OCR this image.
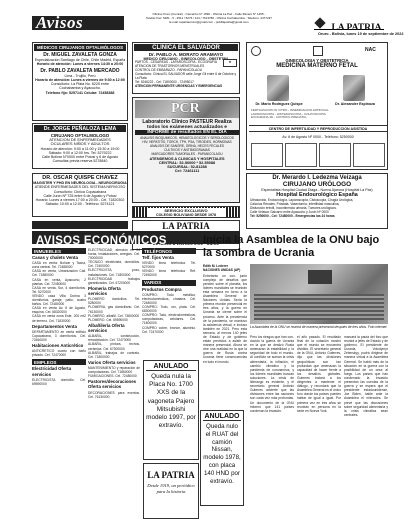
Avisos	Oficina Oruro (Central) - Camacho N° 1892 - Oficina La Paz - Calle Illimani N° 1455 -
Telefax Fax: 5281 - 5 - 2511 / 5276 / 124 / 7613780 - Oficina Cochabamba - Telefono: 4477237
E-mail: lapatriaoruro@gmail.com - publilapatria@gmail.com
LA PATRIA
Oruro - Bolivia, lunes 19 de septiembre de 2022
MÉDICOS CIRUJANOS OFTALMÓLOGOS
Dr. MIGUEL ZAVALETA GONZA
Especialización Santiago de Chile, Chile Madrid, España
Horario de atención: Lunes a viernes 14:30 a 20:00
Dr. PABLO ZAVALETA MERCADO
Lima - Trujillo, Perú
Horario de atención: Lunes a viernes de 9:30 a 12:00
Consultorio: La Plata No. 6225 entre
Cochabamba y Ayacucho.
Telefono fijo: 5257141 Celular: 72458388
Dr. JORGE PEÑALOZA LEMA
CIRUJANO OFTALMOLOGO
ATENCION DE ENFERMEDADES
OCULARES NIÑOS Y ADULTOS
Horario de atención: 9:00 a 11:00 y 15:30 a 19:00
Sábado: 9:00 a 12:00 hrs. Tel: 5279222
Calle Bolivar N°0000 entre Potosí y 6 de Agosto
Consultas previa reserva 5278840
DR. OSCAR QUISPE CHAVEZ
MAGISTER Y PHD EN NEUROLOGIA - NEUROCIRUGIA
ATIENDE ENFERMEDADES DEL SISTEMA NERVIOSO
Consultorio: Clínica Copacabana
Calle Junín Nº 725 entre 6 de Agosto y Potosí
Horario: Lunes a viernes 17:00 a 20:00 - Cel. 71820302
Sábado: 10:00 a 12:00 - Teléfono: 5274121
CLINICA EL SALVADOR
Dr. PABLO A. MORATO ARAMAYO
MEDICO CIRUJANO - GINECOLOGO - OBSTETRA
✚
PARTOS - CESAREAS - LAPAROSCOPIA - ECOGRAFIA
ATENCION DE TRASTORNOS MENSTRUALES
CONTROL DE EMBARAZO - PAPANICOLAOU
Consultorio: Clínica EL SALVADOR calle Jorge Gil entre 6 de Octubre y La Plata
Tel: 5246222 - Cel: 71800000 - 72495017
ATENCION PERMANENTE URGENCIAS Y EMERGENCIAS
PCR
Laboratorio Clínico PASTEUR Realiza
todos los exámenes actualizados e
INFORME de resultados EN EL DIA
ANALISIS BIOQUIMICOS, HEMATOLOGICOS Y SEROLOGICOS
HIV, HEPATITIS, TORCH, TPH, PSA, TIROIDES, HORMONAS
ANALISIS DE SANGRE, ORINA, HECES FECALES
CULTIVOS Y ANTIBIOGRAMAS
MARCADORES TUMORALES - PAPANICOLAOU
ATENDEMOS A CLINICAS Y HOSPITALES
CENTRAL: 52-56000 * 52-55088
SUCURSAL: 52-81288
Cel: 72461111
SERVICIO EXCLUSIVO
COLEGIO BOLIVIANO DESDE 1978
LA PATRIA
NAC
GINECOLOGIA Y OBSTETRICIA
MEDICINA MATERNO FETAL
Dr. Mario Rodríguez Quispe	Dr. Alexander Espinoza
FERTILIZACION IN VITRO - INSEMINACION ARTIFICIAL
LAPAROSCOPIA - HISTEROSCOPIA - COLPOSCOPIA
ECOGRAFIA 4D - CONTROL PRENATAL
CENTRO DE INFERTILIDAD Y REPRODUCCION ASISTIDA
Av. 6 de Agosto Nº 0000 - Teléfono: 5250000
Dr. Merardo I. Ledezma Veizaga
CIRUJANO URÓLOGO
Especialista Hospital Ciudad Diaga - Nueva Ajarona (Hospital La Paz)
Hospital Endourológico España
Ultrasonido, Endourología, Laparoscopia, Cistoscopia, Cirugía Urológica,
Cálculos Renales, Próstata, Vasectomía, Infertilidad masculina,
Disfunción eréctil, Incontinencia urinaria, Tumores urológicos.
Calle Velasco Galvarro entre Ayacucho y Junín Nº 0000
Tel: 5250000 - Cel: 72480000 - Emergencias las 24 horas
AVISOS ECONÓMICOS
INMUEBLES
Casas y chalets Venta
CASA en venta: Bolívar y Tacna, zona central. Tel. 72488000
CASA en venta, Urbanización Cali. Cel. 71880000
CASA en venta, Ayacucho, 2 plantas. Cel. 72450000
CASA en venta, Sur, 4 dormitorios. Tel. 5270000
VENDO casa Villa Dorina 3 dormitorios, garaje, patio, cuatro baños. Cel. 72480000
CASA en venta Av. 6 de Agosto, esquina. Cel. 68320000
CASA en venta zona Este, 200 mt2 de terreno. Cel. 71830000
Departamentos Venta
DEPARTAMENTO en venta edificio Copacabana, 3 dormitorios. Cel. 72460000
Habitaciones Anticrético
ANTICRETICO cuarto con baño privado. Cel. 72470000
EMPLEOS
Electricidad Oferta servicios
ELECTRICISTA domicilio. Cel. 69590000
ELECTRICIDAD, atención en 24 horas, instalaciones, arreglos. Cel. 70000000
TECNICO electricista, domicilios. Cel. 72400000
ELECTRICISTA, pozo, instalaciones. Cel. 71800000
ELECTRICIDAD trabajos garantizados. Cel. 67200000
Plomería Oferta servicios
PLOMERO domicilios. Tel. 5280000
PLOMERIA, gas domiciliario. Cel. 76130000
PLOMERO, albañil. Cel. 73800000
PLOMERO. Cel. 69590000
Albañilería Oferta servicios
ALBAÑIL, construcción, remodelación. Cel. 72470000
ALBAÑIL, pintura, techos, cerámica. Cel. 67300000
ALBAÑIL, trabajos de contrato. Cel. 71800000
Varios Oferta servicios
MANTENIMIENTO y reparación de computadoras. Cel. 71860000
FUMIGACIONES. Cel. 72480000
Pastores/decoraciones Oferta servicios
DECORACIONES para eventos. Cel. 76130000
TELÉFONOS
Telf. fijos Venta
VENDO línea telefónica. Tel. 5270000
VENDO línea telefónica Ref. 72450000
VARIOS
Productos Compra
COMPRO: Todo metálico, electrodomésticos, chatarra. Cel. 72480000
COMPRO: Todo, oro, plata. Cel. 68300000
COMPRO: Todo, electrodomésticos, computadoras, celulares. Cel. 71800000
COMPRO cobre, bronce, aluminio. Cel. 72470000
ANULADO
Queda nula la Placa No. 1700 XXS de la vagoneta Pajero Mitsubishi modelo 1997, por extravío.
ANULADO
Queda nulo el RUAT del camión Nissan, modelo 1978, con placa 140 HND por extravío.
LA PATRIA
Desde 1919, un periódico para la historia
Inicia la Asamblea de la ONU bajo la sombra de Ucrania
Edith M. Lederer
NACIONES UNIDAS (AP)
Entretanto un con- junto complejo de desafíos que penden sobre el planeta, los líderes mundiales se reunirán esta semana en torno a la Asamblea General de Naciones Unidas. Sería la primera reunión presencial en tres años, y la guerra en Ucrania se cierne sobre el proceso. Ante la prevalencia de la pandemia, se mantuvo la asistencia virtual, e incluso también en 2021. Pero esta semana, al menos 140 jefes de Estado y de gobierno están previstos a asistir de manera presencial. Ahora se vive una realidad en la que la guerra de Rusia contra Ucrania tiene consecuencias en todo el mundo.
La Asamblea de la ONU se reunirá de manera presencial después de tres años. Foto internet.
Pero los riesgos que han con- ducido la guerra de Ucrania en la que se deslizó Rusia amenazan la estabilidad y la seguridad de todo el mundo. Al conflicto se suman la crisis alimentaria, la inflación, el cambio climático y la pandemia de coronavirus, y los líderes mundiales buscan soluciones. La crisis de liderazgo es evidente, y el secretario general António Guterres advierte que las divisiones entre las naciones son cada vez más profundas. Un documento de la ONU informó que 141 países condenan la invasión.
el año pasado. El resultado final de la votación mostró que el mundo se encuentra dividido. El secretario general de la ONU, António Guterres, dijo que las divisiones geopolíticas son tan profundas que amenazan la capacidad de hacer frente a los desafíos globales. Guterres instará a los dirigentes a mantener el diálogo, y recordará que la Asamblea General es el único foro donde los países pueden hablar de igual a igual. Por primera vez en tres años se reunirán en persona en la sede en Nueva York.
marcará la pauta del foro que reunirá a jefes de Estado y de gobierno. El presidente de Ucrania, Volodymyr Zelenskyy, podrá dirigirse de manera virtual a la Asamblea General. Se habló más de la situación en la guerra con la posibilidad de un cese al fuego. Los países que han condenado la invasión presentan las cuentas de la guerra y se espera que el presidente estadounidense, Joe Biden, hable ante la Asamblea el miércoles. Se prevé que las discusiones sobre seguridad alimentaria y la crisis climática sean centrales.
